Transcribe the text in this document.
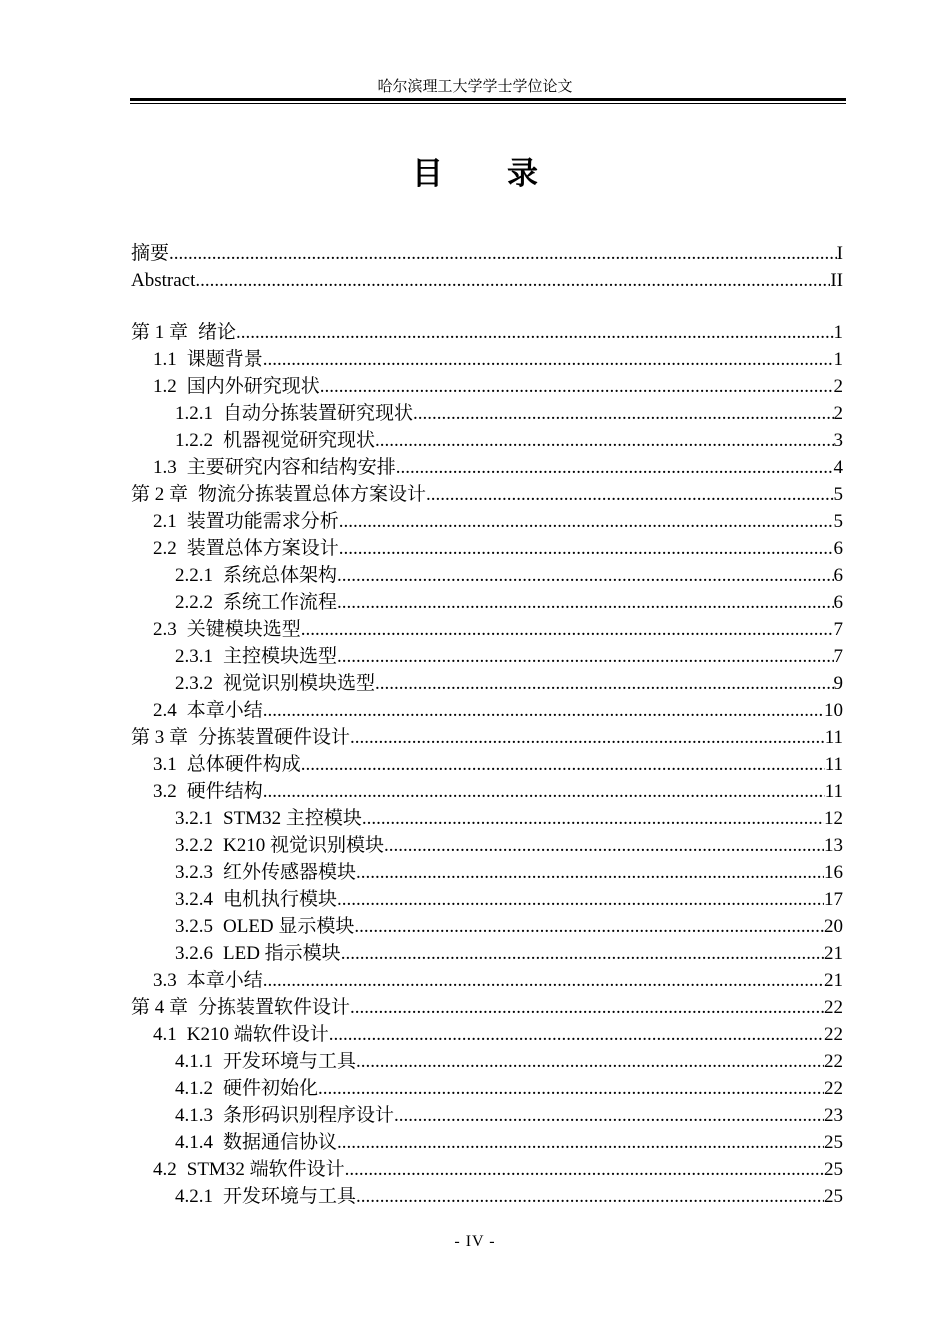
哈尔滨理工大学学士学位论文
目录
摘要 .....	I
Abstract .....	II
第 1 章 绪论 .....	1
1.1 课题背景 .....	1
1.2 国内外研究现状 .....	2
1.2.1 自动分拣装置研究现状 .....	2
1.2.2 机器视觉研究现状 .....	3
1.3 主要研究内容和结构安排 .....	4
第 2 章 物流分拣装置总体方案设计 .....	5
2.1 装置功能需求分析 .....	5
2.2 装置总体方案设计 .....	6
2.2.1 系统总体架构 .....	6
2.2.2 系统工作流程 .....	6
2.3 关键模块选型 .....	7
2.3.1 主控模块选型 .....	7
2.3.2 视觉识别模块选型 .....	9
2.4 本章小结 .....	10
第 3 章 分拣装置硬件设计 .....	11
3.1 总体硬件构成 .....	11
3.2 硬件结构 .....	11
3.2.1 STM32 主控模块 .....	12
3.2.2 K210 视觉识别模块 .....	13
3.2.3 红外传感器模块 .....	16
3.2.4 电机执行模块 .....	17
3.2.5 OLED 显示模块 .....	20
3.2.6 LED 指示模块 .....	21
3.3 本章小结 .....	21
第 4 章 分拣装置软件设计 .....	22
4.1 K210 端软件设计 .....	22
4.1.1 开发环境与工具 .....	22
4.1.2 硬件初始化 .....	22
4.1.3 条形码识别程序设计 .....	23
4.1.4 数据通信协议 .....	25
4.2 STM32 端软件设计 .....	25
4.2.1 开发环境与工具 .....	25
- IV -
